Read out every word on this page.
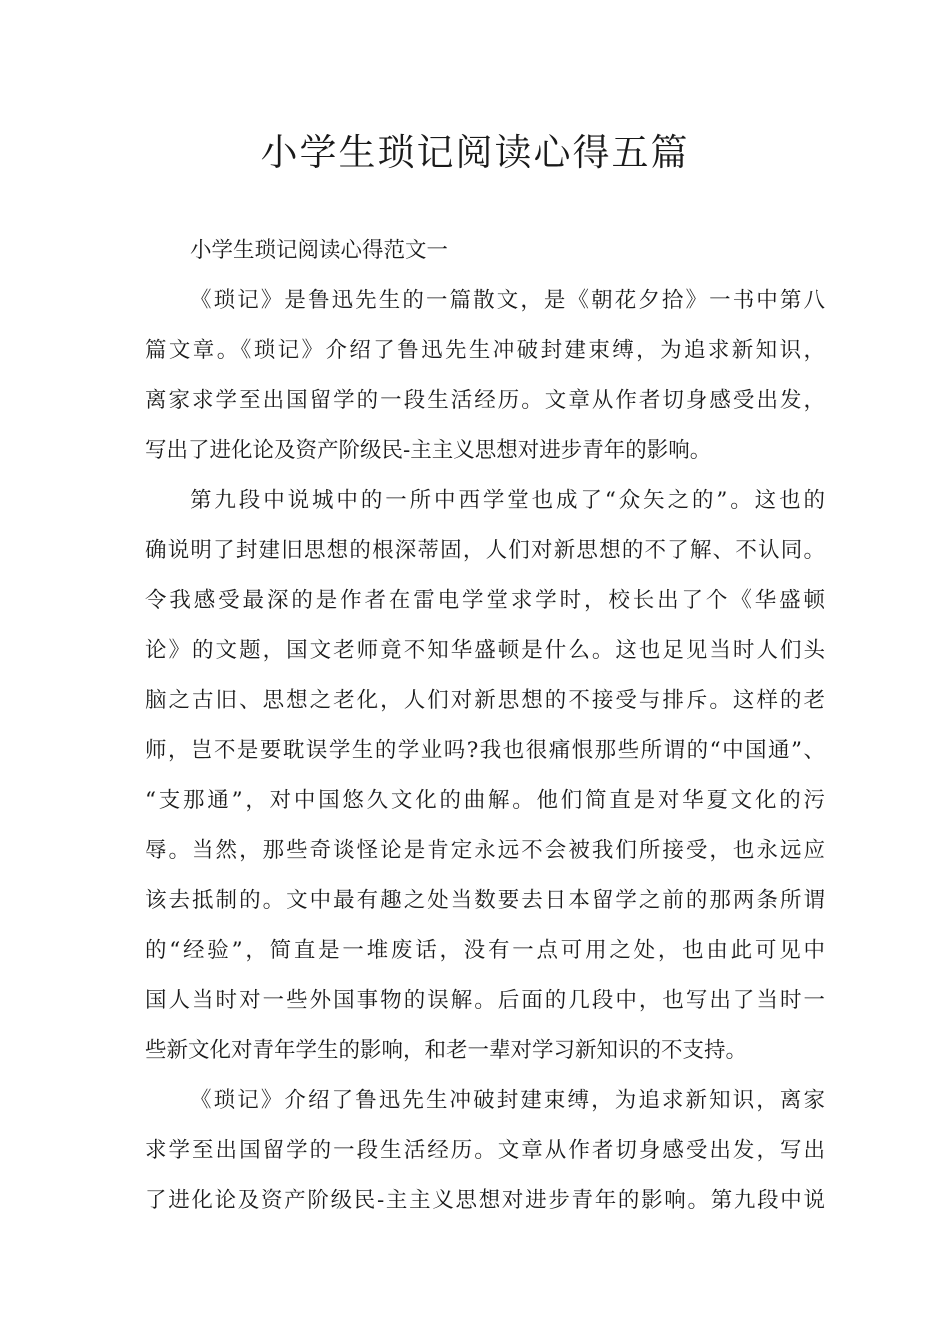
小学生琐记阅读心得五篇
小学生琐记阅读心得范文一
《琐记》是鲁迅先生的一篇散文，是《朝花夕拾》一书中第八
篇文章。《琐记》介绍了鲁迅先生冲破封建束缚，为追求新知识，
离家求学至出国留学的一段生活经历。文章从作者切身感受出发，
写出了进化论及资产阶级民-主主义思想对进步青年的影响。
第九段中说城中的一所中西学堂也成了“众矢之的”。这也的
确说明了封建旧思想的根深蒂固，人们对新思想的不了解、不认同。
令我感受最深的是作者在雷电学堂求学时，校长出了个《华盛顿
论》的文题，国文老师竟不知华盛顿是什么。这也足见当时人们头
脑之古旧、思想之老化，人们对新思想的不接受与排斥。这样的老
师，岂不是要耽误学生的学业吗?我也很痛恨那些所谓的“中国通”、
“支那通”，对中国悠久文化的曲解。他们简直是对华夏文化的污
辱。当然，那些奇谈怪论是肯定永远不会被我们所接受，也永远应
该去抵制的。文中最有趣之处当数要去日本留学之前的那两条所谓
的“经验”，简直是一堆废话，没有一点可用之处，也由此可见中
国人当时对一些外国事物的误解。后面的几段中，也写出了当时一
些新文化对青年学生的影响，和老一辈对学习新知识的不支持。
《琐记》介绍了鲁迅先生冲破封建束缚，为追求新知识，离家
求学至出国留学的一段生活经历。文章从作者切身感受出发，写出
了进化论及资产阶级民-主主义思想对进步青年的影响。第九段中说
